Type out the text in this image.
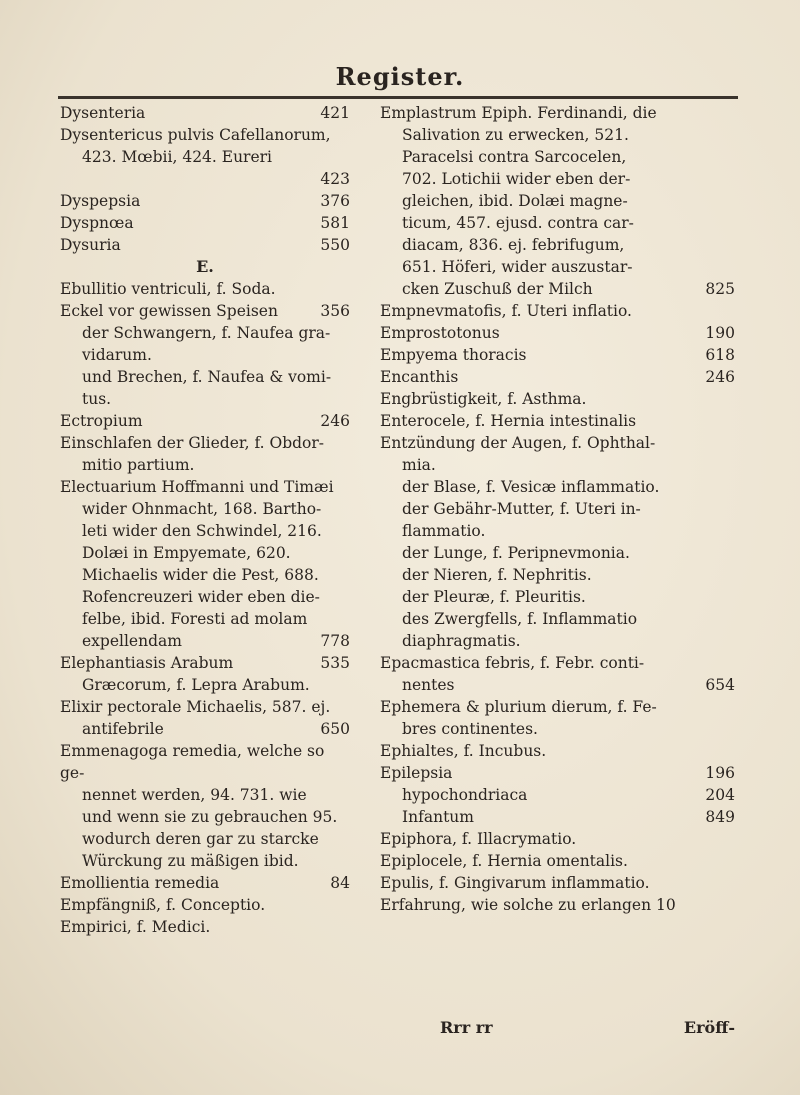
Register.
Dysenteria	421
Dysentericus pulvis Cafellanorum,
423. Mœbii, 424. Eureri
423
Dyspepsia	376
Dyspnœa	581
Dysuria	550
E.
Ebullitio ventriculi, f. Soda.
Eckel vor gewissen Speisen	356
der Schwangern, f. Naufea gra-
vidarum.
und Brechen, f. Naufea & vomi-
tus.
Ectropium	246
Einschlafen der Glieder, f. Obdor-
mitio partium.
Electuarium Hoffmanni und Timæi
wider Ohnmacht, 168. Bartho-
leti wider den Schwindel, 216.
Dolæi in Empyemate, 620.
Michaelis wider die Pest, 688.
Rofencreuzeri wider eben die-
felbe, ibid. Foresti ad molam
expellendam	778
Elephantiasis Arabum	535
Græcorum, f. Lepra Arabum.
Elixir pectorale Michaelis, 587. ej.
antifebrile	650
Emmenagoga remedia, welche so ge-
nennet werden, 94. 731. wie
und wenn sie zu gebrauchen 95.
wodurch deren gar zu starcke
Würckung zu mäßigen ibid.
Emollientia remedia	84
Empfängniß, f. Conceptio.
Empirici, f. Medici.
Emplastrum Epiph. Ferdinandi, die
Salivation zu erwecken, 521.
Paracelsi contra Sarcocelen,
702. Lotichii wider eben der-
gleichen, ibid. Dolæi magne-
ticum, 457. ejusd. contra car-
diacam, 836. ej. febrifugum,
651. Höferi, wider auszustar-
cken Zuschuß der Milch	825
Empnevmatofis, f. Uteri inflatio.
Emprostotonus	190
Empyema thoracis	618
Encanthis	246
Engbrüstigkeit, f. Asthma.
Enterocele, f. Hernia intestinalis
Entzündung der Augen, f. Ophthal-
mia.
der Blase, f. Vesicæ inflammatio.
der Gebähr-Mutter, f. Uteri in-
flammatio.
der Lunge, f. Peripnevmonia.
der Nieren, f. Nephritis.
der Pleuræ, f. Pleuritis.
des Zwergfells, f. Inflammatio
diaphragmatis.
Epacmastica febris, f. Febr. conti-
nentes	654
Ephemera & plurium dierum, f. Fe-
bres continentes.
Ephialtes, f. Incubus.
Epilepsia	196
hypochondriaca	204
Infantum	849
Epiphora, f. Illacrymatio.
Epiplocele, f. Hernia omentalis.
Epulis, f. Gingivarum inflammatio.
Erfahrung, wie solche zu erlangen 10
Rrr rr	Eröff-
